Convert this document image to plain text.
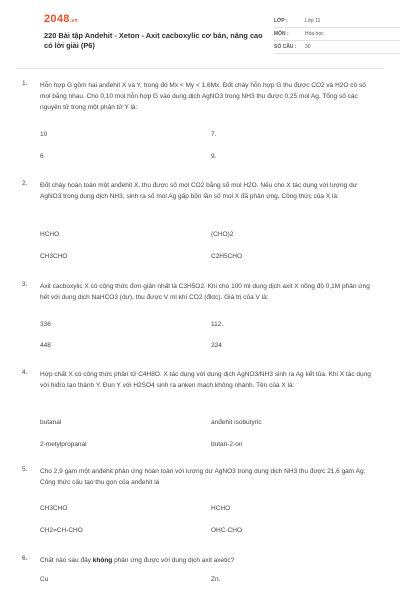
2048.vn
220 Bài tập Andehit - Xeton - Axit cacboxylic cơ bản, nâng cao có lời giải (P6)
LỚP :	Lớp 11
MÔN :	Hóa học
SỐ CÂU :	30
1.	Hỗn hợp G gồm hai anđehit X và Y, trong đó Mx < My < 1,6Mx. Đốt cháy hỗn hợp G thu được CO2 và H2O có số mol bằng nhau. Cho 0,10 mol hỗn hợp G vào dung dịch AgNO3 trong NH3 thu được 0,25 mol Ag. Tổng số các nguyên tử trong một phân tử Y là:
10	7.
6	9.
2.	Đốt cháy hoàn toàn một anđehit X, thu được số mol CO2 bằng số mol H2O. Nếu cho X tác dụng với lượng dư AgNO3 trong dung dịch NH3, sinh ra số mol Ag gấp bốn lần số mol X đã phản ứng. Công thức của X là:
HCHO	(CHO)2
CH3CHO	C2H5CHO
3.	Axit cacboxylic X có công thức đơn giản nhất là C3H5O2. Khi cho 100 ml dung dịch axit X nồng độ 0,1M phản ứng hết với dung dịch NaHCO3 (dư), thu được V ml khí CO2 (đktc). Giá trị của V là:
336	112.
448	224
4.	Hợp chất X có công thức phân tử C4H8O. X tác dụng với dung dịch AgNO3/NH3 sinh ra Ag kết tủa. Khi X tác dụng với hiđro tạo thành Y. Đun Y với H2SO4 sinh ra anken mạch không nhánh. Tên của X là:
butanal	anđehit isobutyric
2-metylpropanal	butan-2-on
5.	Cho 2,9 gam một anđehit phản ứng hoàn toàn với lượng dư AgNO3 trong dung dịch NH3 thu được 21,6 gam Ag. Công thức cấu tạo thu gọn của anđehit là
CH3CHO	HCHO
CH2=CH-CHO	OHC-CHO
6.	Chất nào sau đây không phản ứng được với dung dịch axit axetic?
Cu	Zn.
